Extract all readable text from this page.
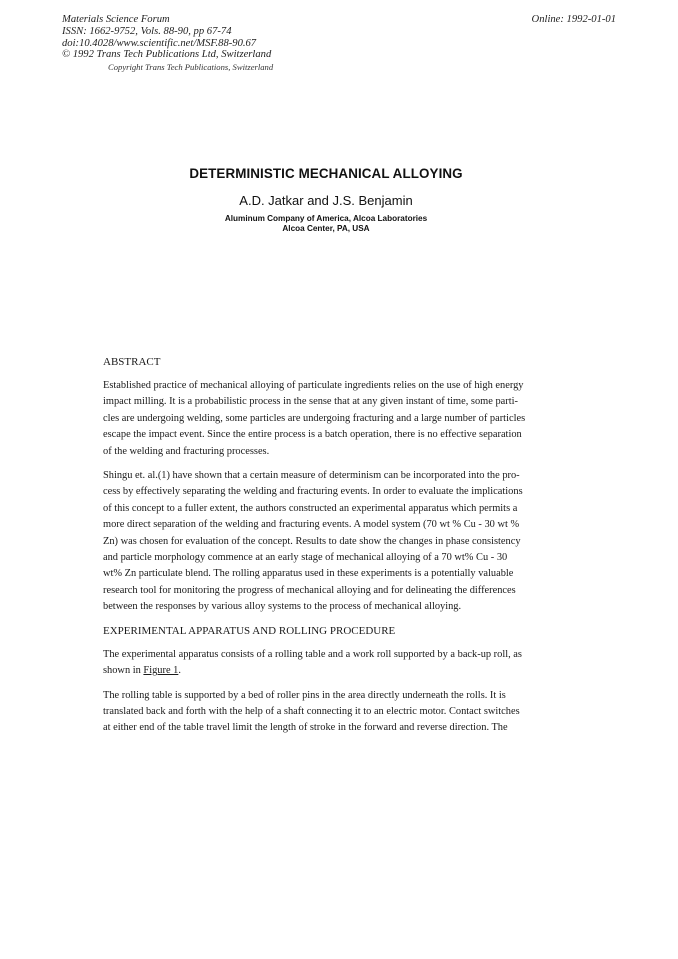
Materials Science Forum
ISSN: 1662-9752, Vols. 88-90, pp 67-74
doi:10.4028/www.scientific.net/MSF.88-90.67
© 1992 Trans Tech Publications Ltd, Switzerland
Online: 1992-01-01
Copyright Trans Tech Publications, Switzerland
DETERMINISTIC MECHANICAL ALLOYING
A.D. Jatkar and J.S. Benjamin
Aluminum Company of America, Alcoa Laboratories
Alcoa Center, PA, USA
ABSTRACT
Established practice of mechanical alloying of particulate ingredients relies on the use of high energy
impact milling. It is a probabilistic process in the sense that at any given instant of time, some parti-
cles are undergoing welding, some particles are undergoing fracturing and a large number of particles
escape the impact event. Since the entire process is a batch operation, there is no effective separation
of the welding and fracturing processes.
Shingu et. al.(1) have shown that a certain measure of determinism can be incorporated into the pro-
cess by effectively separating the welding and fracturing events. In order to evaluate the implications
of this concept to a fuller extent, the authors constructed an experimental apparatus which permits a
more direct separation of the welding and fracturing events. A model system (70 wt % Cu - 30 wt %
Zn) was chosen for evaluation of the concept. Results to date show the changes in phase consistency
and particle morphology commence at an early stage of mechanical alloying of a 70 wt% Cu - 30
wt% Zn particulate blend. The rolling apparatus used in these experiments is a potentially valuable
research tool for monitoring the progress of mechanical alloying and for delineating the differences
between the responses by various alloy systems to the process of mechanical alloying.
EXPERIMENTAL APPARATUS AND ROLLING PROCEDURE
The experimental apparatus consists of a rolling table and a work roll supported by a back-up roll, as
shown in Figure 1.
The rolling table is supported by a bed of roller pins in the area directly underneath the rolls. It is
translated back and forth with the help of a shaft connecting it to an electric motor. Contact switches
at either end of the table travel limit the length of stroke in the forward and reverse direction. The
